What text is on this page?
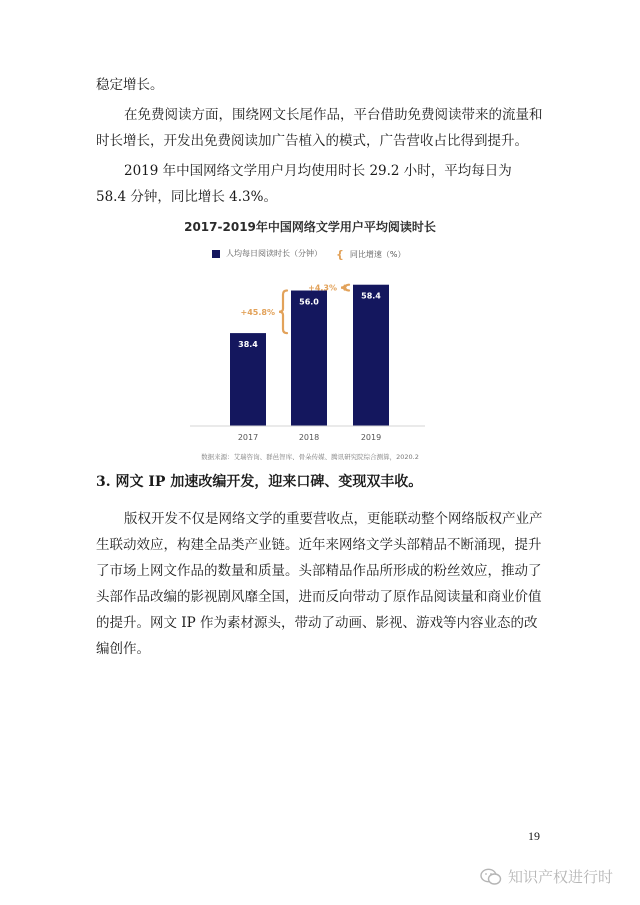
稳定增长。

在免费阅读方面，围绕网文长尾作品，平台借助免费阅读带来的流量和时长增长，开发出免费阅读加广告植入的模式，广告营收占比得到提升。

2019 年中国网络文学用户月均使用时长 29.2 小时，平均每日为 58.4 分钟，同比增长 4.3%。

2017-2019年中国网络文学用户平均阅读时长

人均每日阅读时长（分钟） { 同比增速（%）
38.4
2017
56.0
2018
58.4
2019
+45.8%
+4.3%

数据来源：艾瑞咨询、群邑智库、骨朵传媒、腾讯研究院综合测算，2020.2

3. 网文 IP 加速改编开发，迎来口碑、变现双丰收。

版权开发不仅是网络文学的重要营收点，更能联动整个网络版权产业产生联动效应，构建全品类产业链。近年来网络文学头部精品不断涌现，提升了市场上网文作品的数量和质量。头部精品作品所形成的粉丝效应，推动了头部作品改编的影视剧风靡全国，进而反向带动了原作品阅读量和商业价值的提升。网文 IP 作为素材源头，带动了动画、影视、游戏等内容业态的改编创作。

19

知识产权进行时
